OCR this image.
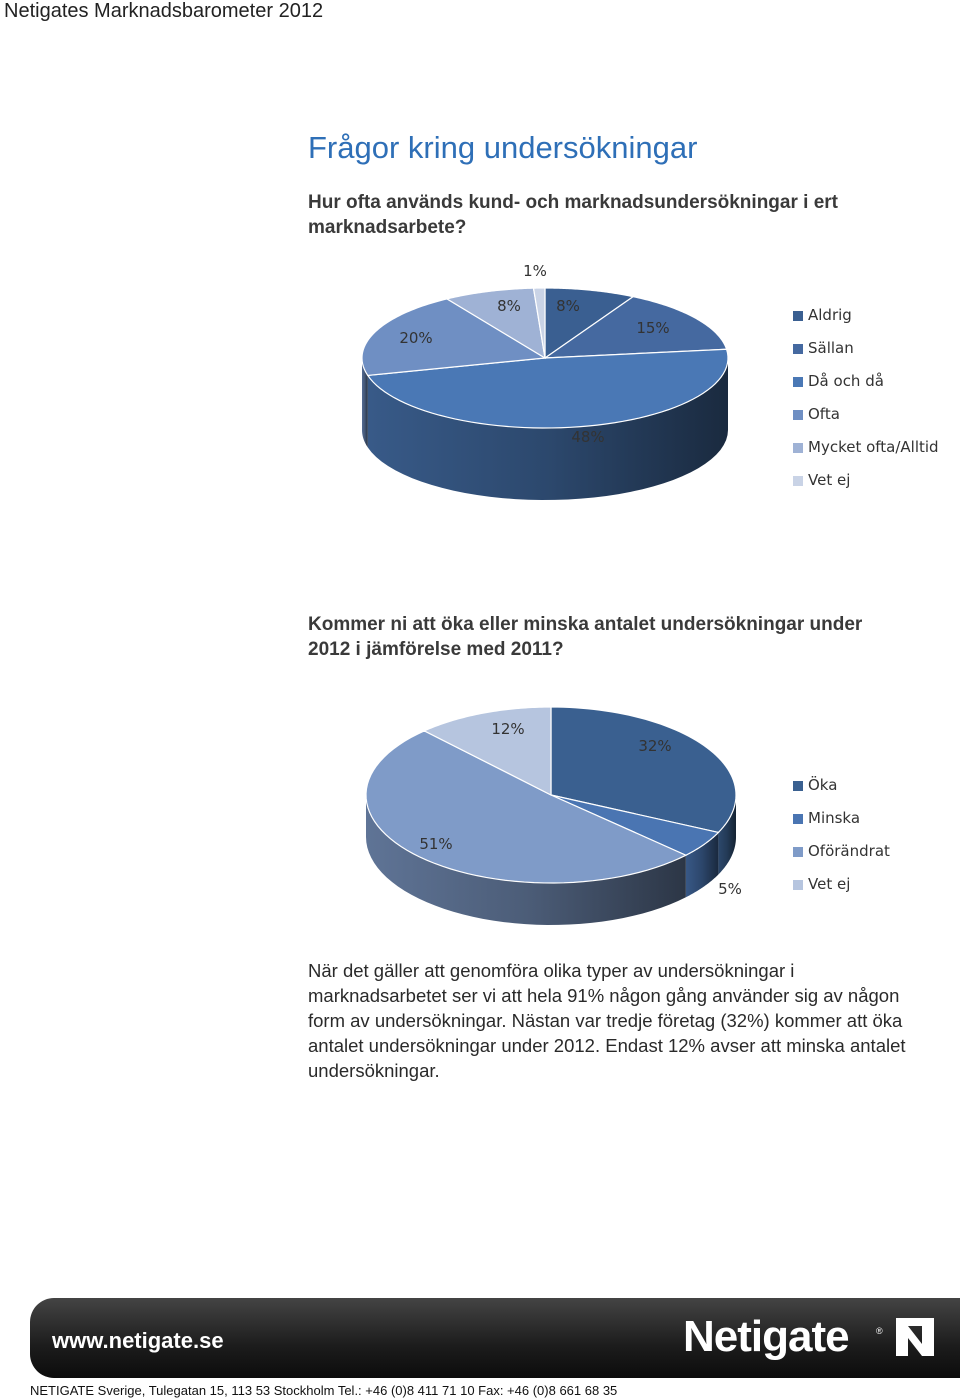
Netigates Marknadsbarometer 2012
Frågor kring undersökningar
Hur ofta används kund- och marknadsundersökningar i ert marknadsarbete?
8%
15%
48%
20%
8%
1%
Aldrig
Sällan
Då och då
Ofta
Mycket ofta/Alltid
Vet ej
Kommer ni att öka eller minska antalet undersökningar under 2012 i jämförelse med 2011?
32%
5%
51%
12%
Öka
Minska
Oförändrat
Vet ej
När det gäller att genomföra olika typer av undersökningar i marknadsarbetet ser vi att hela 91% någon gång använder sig av någon form av undersökningar. Nästan var tredje företag (32%) kommer att öka antalet undersökningar under 2012. Endast 12% avser att minska antalet undersökningar.
www.netigate.se	Netigate	®
NETIGATE Sverige, Tulegatan 15, 113 53 Stockholm Tel.: +46 (0)8 411 71 10 Fax: +46 (0)8 661 68 35
